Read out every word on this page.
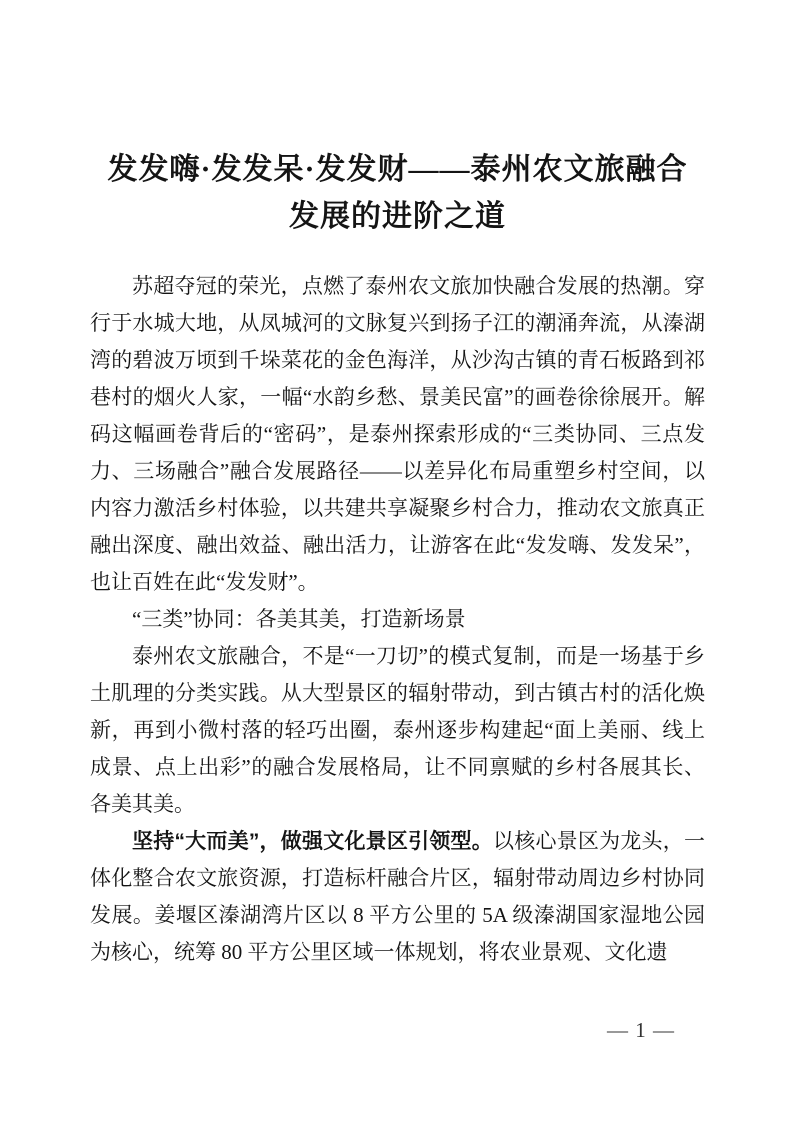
发发嗨·发发呆·发发财——泰州农文旅融合
发展的进阶之道

苏超夺冠的荣光，点燃了泰州农文旅加快融合发展的热潮。穿行于水城大地，从凤城河的文脉复兴到扬子江的潮涌奔流，从溱湖湾的碧波万顷到千垛菜花的金色海洋，从沙沟古镇的青石板路到祁巷村的烟火人家，一幅“水韵乡愁、景美民富”的画卷徐徐展开。解码这幅画卷背后的“密码”，是泰州探索形成的“三类协同、三点发力、三场融合”融合发展路径——以差异化布局重塑乡村空间，以内容力激活乡村体验，以共建共享凝聚乡村合力，推动农文旅真正融出深度、融出效益、融出活力，让游客在此“发发嗨、发发呆”，也让百姓在此“发发财”。

“三类”协同：各美其美，打造新场景

泰州农文旅融合，不是“一刀切”的模式复制，而是一场基于乡土肌理的分类实践。从大型景区的辐射带动，到古镇古村的活化焕新，再到小微村落的轻巧出圈，泰州逐步构建起“面上美丽、线上成景、点上出彩”的融合发展格局，让不同禀赋的乡村各展其长、各美其美。

坚持“大而美”，做强文化景区引领型。以核心景区为龙头，一体化整合农文旅资源，打造标杆融合片区，辐射带动周边乡村协同发展。姜堰区溱湖湾片区以 8 平方公里的 5A 级溱湖国家湿地公园为核心，统筹 80 平方公里区域一体规划，将农业景观、文化遗

— 1 —
